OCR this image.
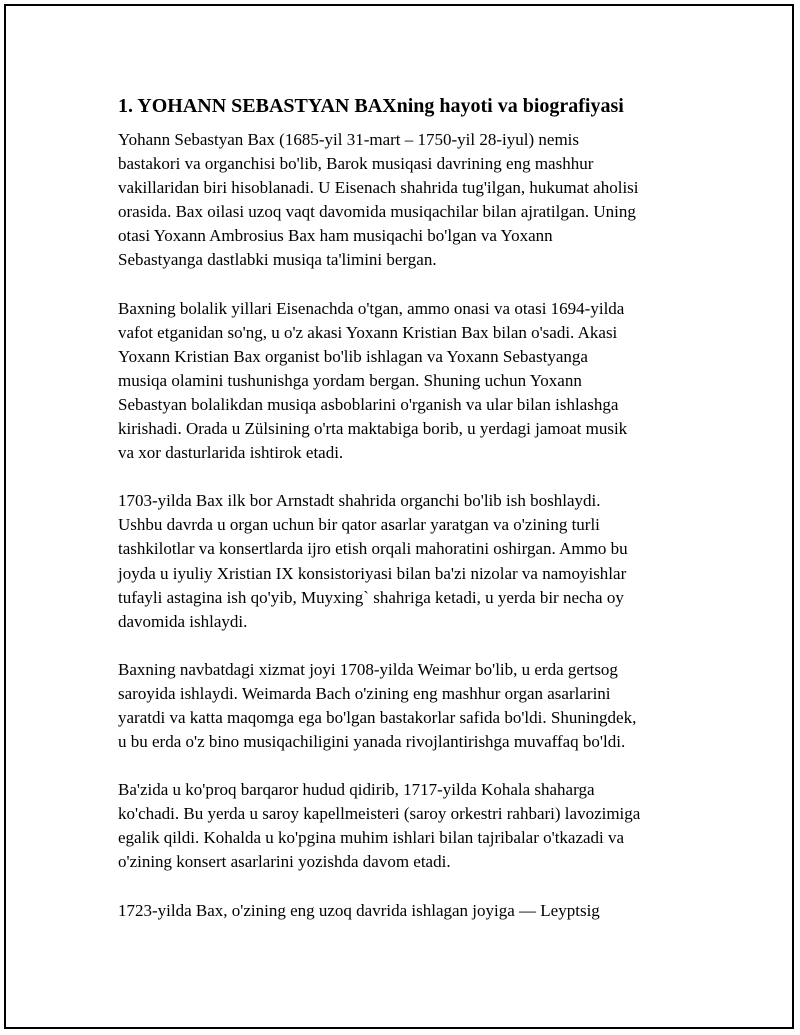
1. YOHANN SEBASTYAN BAXning hayoti va biografiyasi
Yohann Sebastyan Bax (1685-yil 31-mart – 1750-yil 28-iyul) nemis
bastakori va organchisi bo'lib, Barok musiqasi davrining eng mashhur
vakillaridan biri hisoblanadi. U Eisenach shahrida tug'ilgan, hukumat aholisi
orasida. Bax oilasi uzoq vaqt davomida musiqachilar bilan ajratilgan. Uning
otasi Yoxann Ambrosius Bax ham musiqachi bo'lgan va Yoxann
Sebastyanga dastlabki musiqa ta'limini bergan.
Baxning bolalik yillari Eisenachda o'tgan, ammo onasi va otasi 1694-yilda
vafot etganidan so'ng, u o'z akasi Yoxann Kristian Bax bilan o'sadi. Akasi
Yoxann Kristian Bax organist bo'lib ishlagan va Yoxann Sebastyanga
musiqa olamini tushunishga yordam bergan. Shuning uchun Yoxann
Sebastyan bolalikdan musiqa asboblarini o'rganish va ular bilan ishlashga
kirishadi. Orada u Zülsining o'rta maktabiga borib, u yerdagi jamoat musik
va xor dasturlarida ishtirok etadi.
1703-yilda Bax ilk bor Arnstadt shahrida organchi bo'lib ish boshlaydi.
Ushbu davrda u organ uchun bir qator asarlar yaratgan va o'zining turli
tashkilotlar va konsertlarda ijro etish orqali mahoratini oshirgan. Ammo bu
joyda u iyuliy Xristian IX konsistoriyasi bilan ba'zi nizolar va namoyishlar
tufayli astagina ish qo'yib, Muyxing` shahriga ketadi, u yerda bir necha oy
davomida ishlaydi.
Baxning navbatdagi xizmat joyi 1708-yilda Weimar bo'lib, u erda gertsog
saroyida ishlaydi. Weimarda Bach o'zining eng mashhur organ asarlarini
yaratdi va katta maqomga ega bo'lgan bastakorlar safida bo'ldi. Shuningdek,
u bu erda o'z bino musiqachiligini yanada rivojlantirishga muvaffaq bo'ldi.
Ba'zida u ko'proq barqaror hudud qidirib, 1717-yilda Kohala shaharga
ko'chadi. Bu yerda u saroy kapellmeisteri (saroy orkestri rahbari) lavozimiga
egalik qildi. Kohalda u ko'pgina muhim ishlari bilan tajribalar o'tkazadi va
o'zining konsert asarlarini yozishda davom etadi.
1723-yilda Bax, o'zining eng uzoq davrida ishlagan joyiga — Leyptsig
